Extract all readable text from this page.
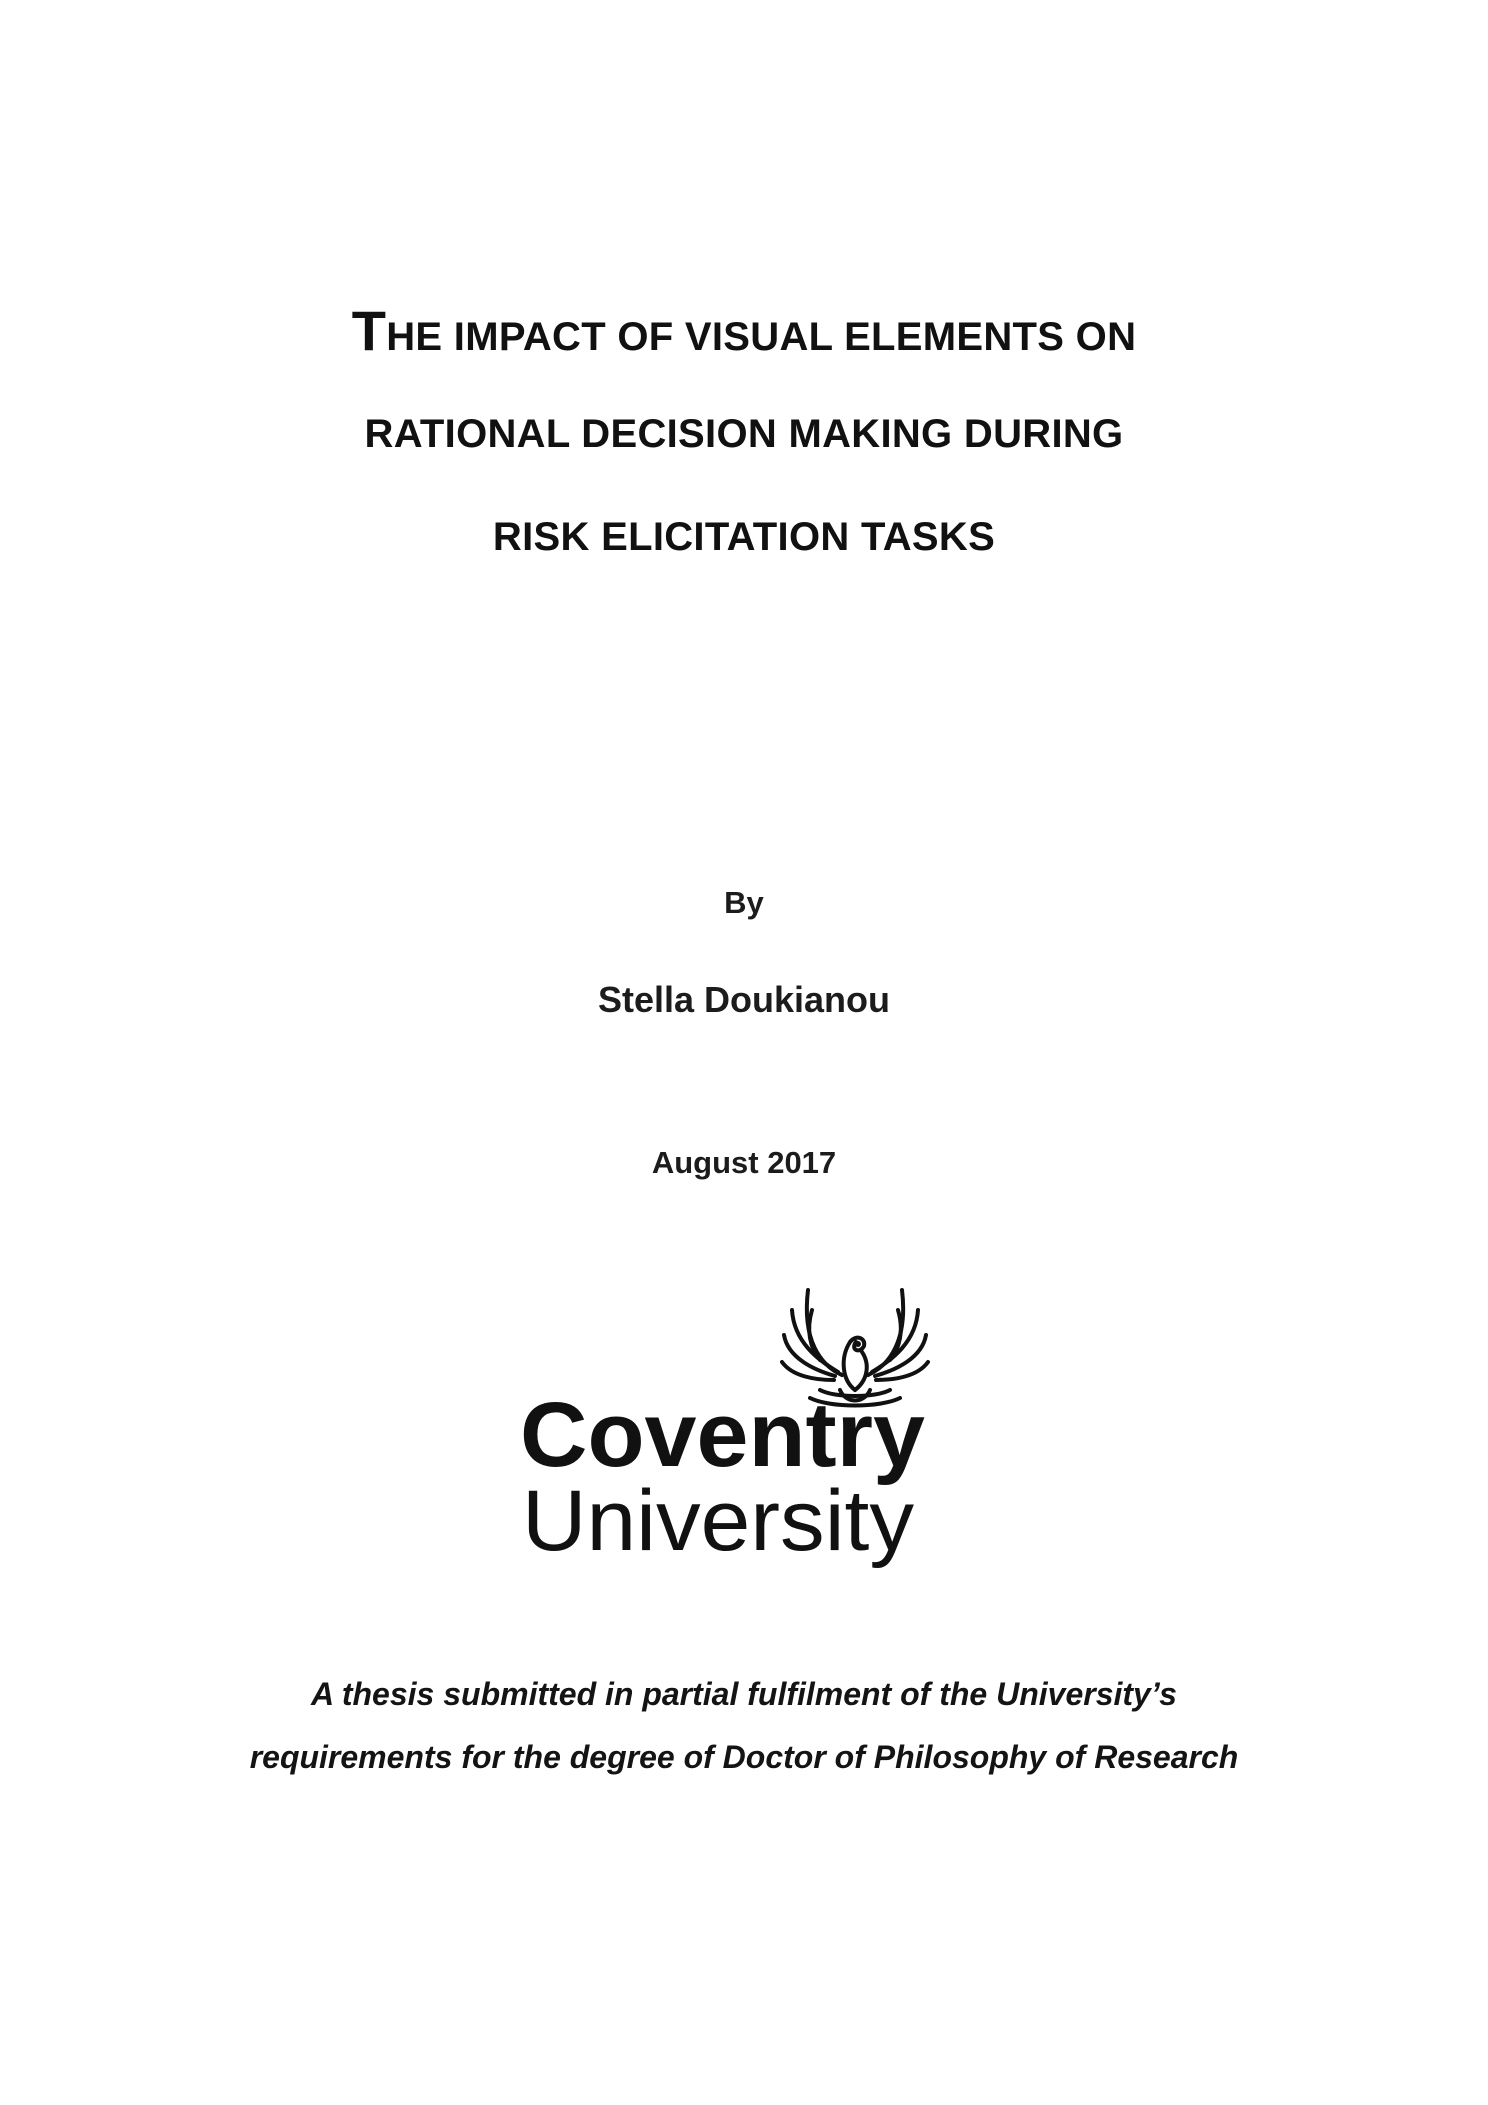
THE IMPACT OF VISUAL ELEMENTS ON
RATIONAL DECISION MAKING DURING
RISK ELICITATION TASKS
By
Stella Doukianou
August 2017
Coventry
University
A thesis submitted in partial fulfilment of the University’s
requirements for the degree of Doctor of Philosophy of Research
